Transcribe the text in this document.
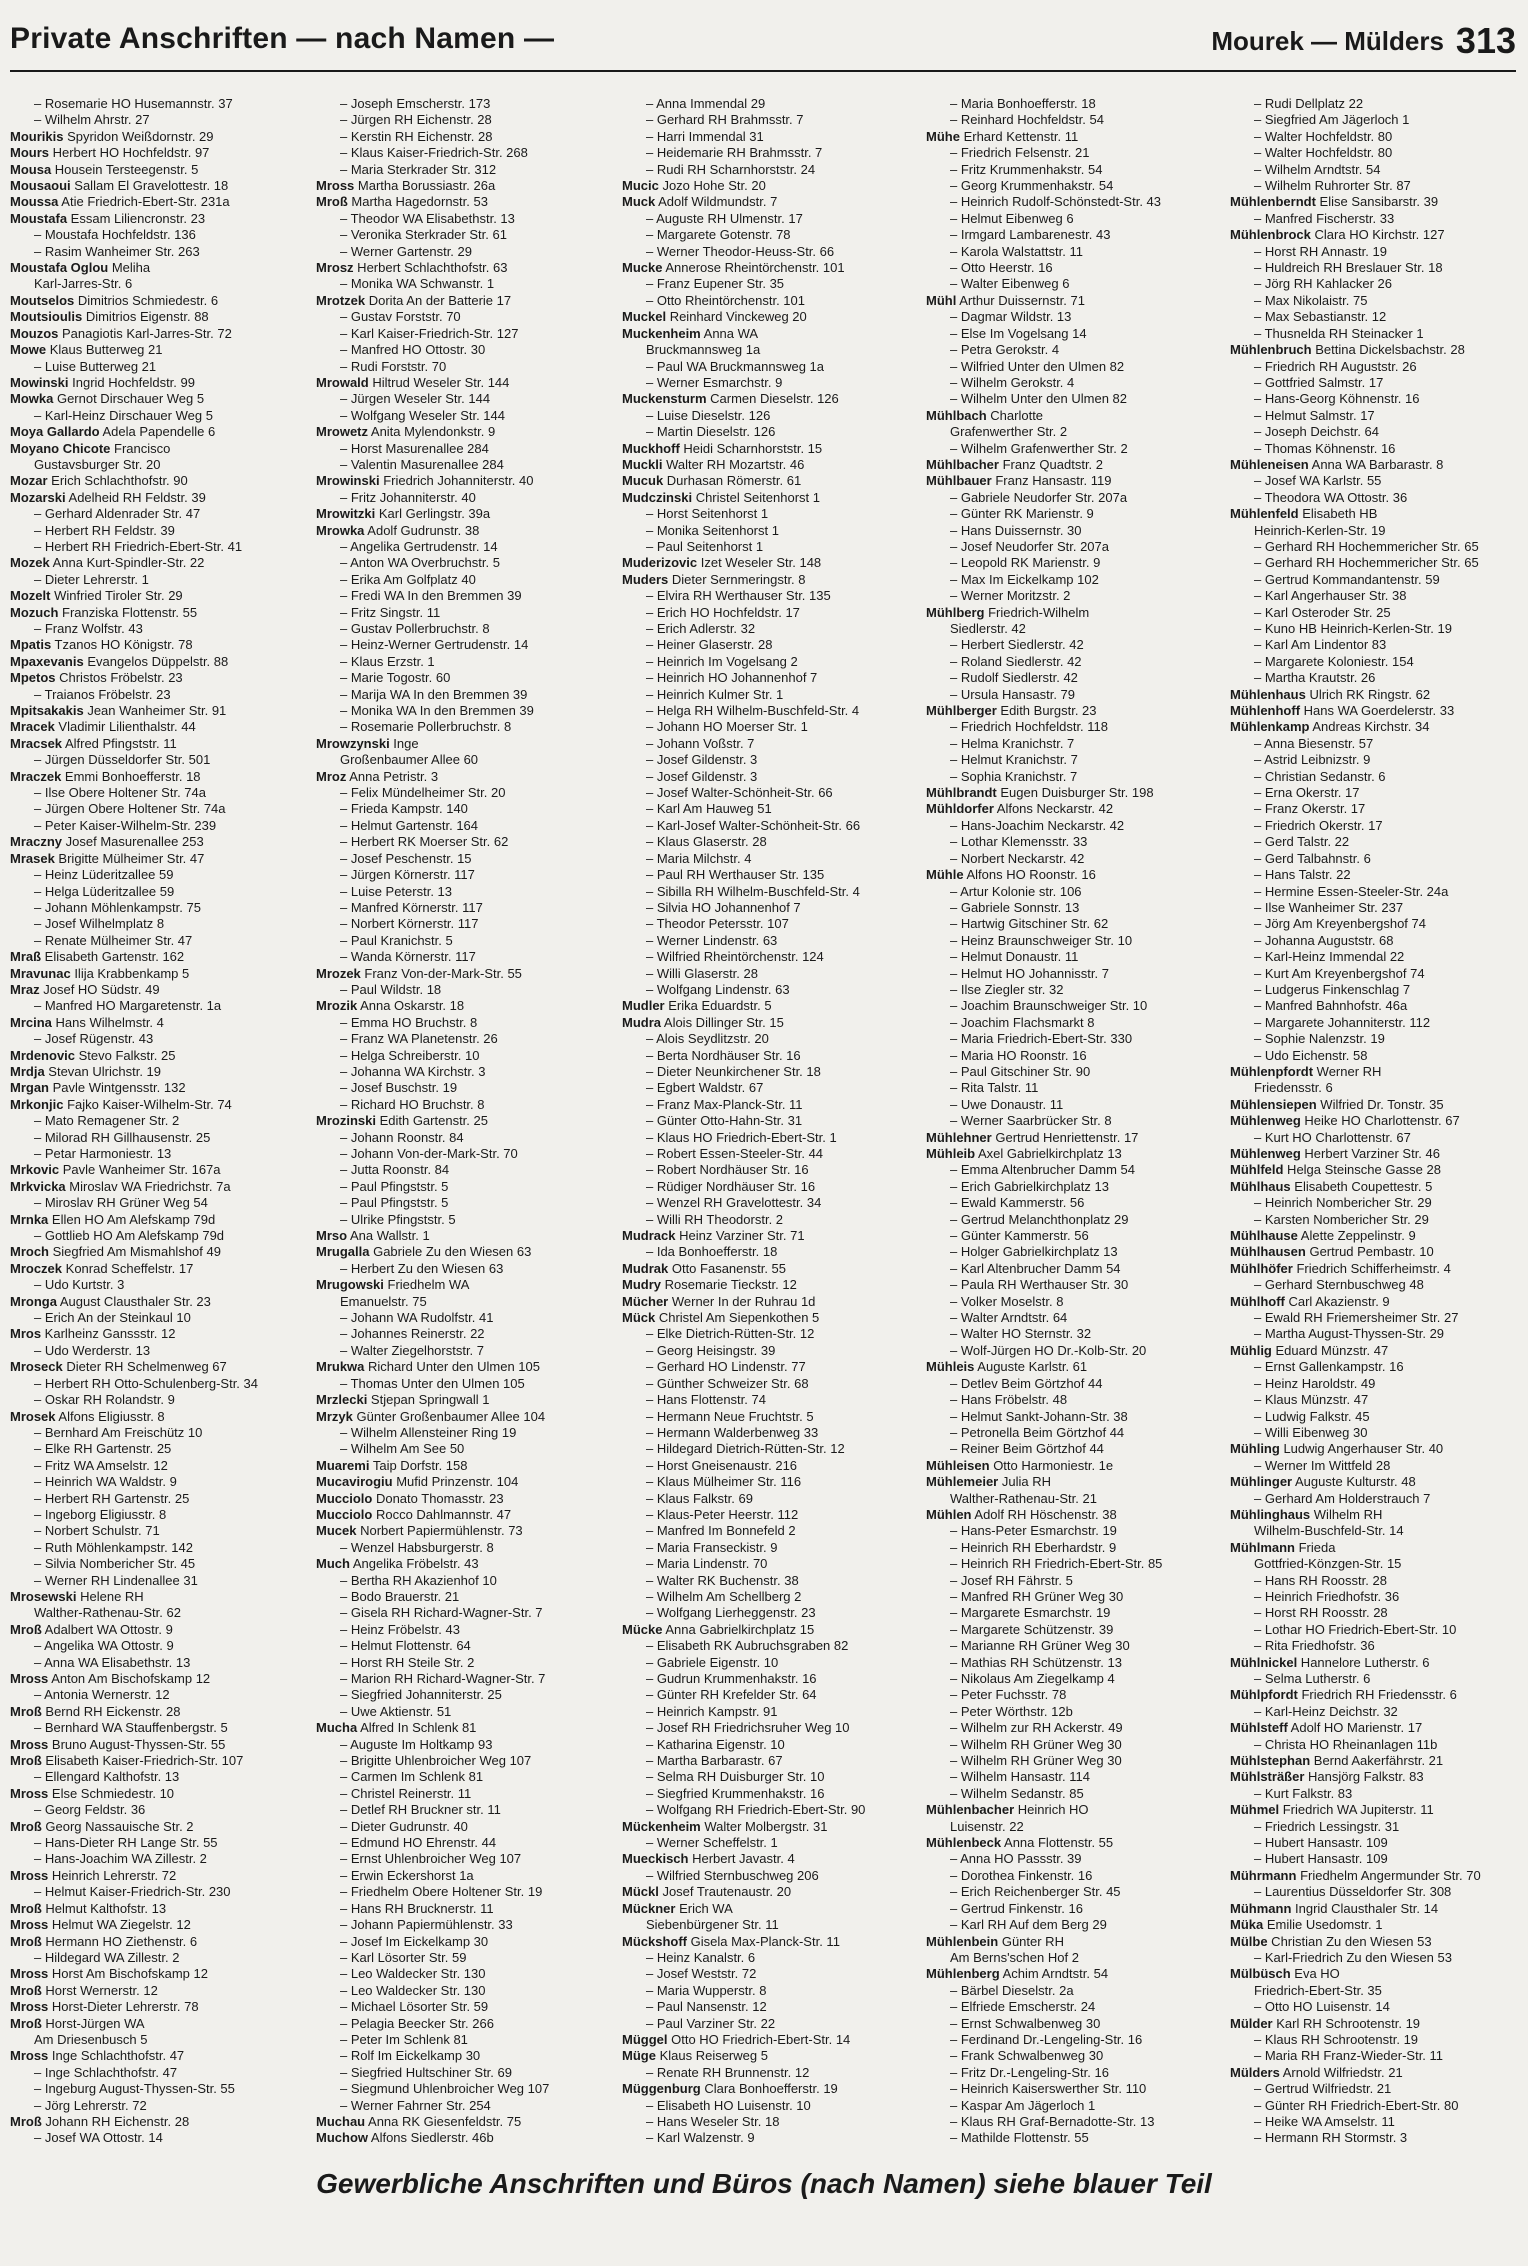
Private Anschriften — nach Namen —	Mourek — Mülders 313
– Rosemarie HO Husemannstr. 37
– Wilhelm Ahrstr. 27
Mourikis Spyridon Weißdornstr. 29
Mours Herbert HO Hochfeldstr. 97
Mousa Housein Tersteegenstr. 5
Mousaoui Sallam El Gravelottestr. 18
Moussa Atie Friedrich-Ebert-Str. 231a
Moustafa Essam Liliencronstr. 23
– Moustafa Hochfeldstr. 136
– Rasim Wanheimer Str. 263
Moustafa Oglou Meliha
Karl-Jarres-Str. 6
Moutselos Dimitrios Schmiedestr. 6
Moutsioulis Dimitrios Eigenstr. 88
Mouzos Panagiotis Karl-Jarres-Str. 72
Mowe Klaus Butterweg 21
– Luise Butterweg 21
Mowinski Ingrid Hochfeldstr. 99
Mowka Gernot Dirschauer Weg 5
– Karl-Heinz Dirschauer Weg 5
Moya Gallardo Adela Papendelle 6
Moyano Chicote Francisco
Gustavsburger Str. 20
Mozar Erich Schlachthofstr. 90
Mozarski Adelheid RH Feldstr. 39
– Gerhard Aldenrader Str. 47
– Herbert RH Feldstr. 39
– Herbert RH Friedrich-Ebert-Str. 41
Mozek Anna Kurt-Spindler-Str. 22
– Dieter Lehrerstr. 1
Mozelt Winfried Tiroler Str. 29
Mozuch Franziska Flottenstr. 55
– Franz Wolfstr. 43
Mpatis Tzanos HO Königstr. 78
Mpaxevanis Evangelos Düppelstr. 88
Mpetos Christos Fröbelstr. 23
– Traianos Fröbelstr. 23
Mpitsakakis Jean Wanheimer Str. 91
Mracek Vladimir Lilienthalstr. 44
Mracsek Alfred Pfingststr. 11
– Jürgen Düsseldorfer Str. 501
Mraczek Emmi Bonhoefferstr. 18
– Ilse Obere Holtener Str. 74a
– Jürgen Obere Holtener Str. 74a
– Peter Kaiser-Wilhelm-Str. 239
Mraczny Josef Masurenallee 253
Mrasek Brigitte Mülheimer Str. 47
– Heinz Lüderitzallee 59
– Helga Lüderitzallee 59
– Johann Möhlenkampstr. 75
– Josef Wilhelmplatz 8
– Renate Mülheimer Str. 47
Mraß Elisabeth Gartenstr. 162
Mravunac Ilija Krabbenkamp 5
Mraz Josef HO Südstr. 49
– Manfred HO Margaretenstr. 1a
Mrcina Hans Wilhelmstr. 4
– Josef Rügenstr. 43
Mrdenovic Stevo Falkstr. 25
Mrdja Stevan Ulrichstr. 19
Mrgan Pavle Wintgensstr. 132
Mrkonjic Fajko Kaiser-Wilhelm-Str. 74
– Mato Remagener Str. 2
– Milorad RH Gillhausenstr. 25
– Petar Harmoniestr. 13
Mrkovic Pavle Wanheimer Str. 167a
Mrkvicka Miroslav WA Friedrichstr. 7a
– Miroslav RH Grüner Weg 54
Mrnka Ellen HO Am Alefskamp 79d
– Gottlieb HO Am Alefskamp 79d
Mroch Siegfried Am Mismahlshof 49
Mroczek Konrad Scheffelstr. 17
– Udo Kurtstr. 3
Mronga August Clausthaler Str. 23
– Erich An der Steinkaul 10
Mros Karlheinz Ganssstr. 12
– Udo Werderstr. 13
Mroseck Dieter RH Schelmenweg 67
– Herbert RH Otto-Schulenberg-Str. 34
– Oskar RH Rolandstr. 9
Mrosek Alfons Eligiusstr. 8
– Bernhard Am Freischütz 10
– Elke RH Gartenstr. 25
– Fritz WA Amselstr. 12
– Heinrich WA Waldstr. 9
– Herbert RH Gartenstr. 25
– Ingeborg Eligiusstr. 8
– Norbert Schulstr. 71
– Ruth Möhlenkampstr. 142
– Silvia Nombericher Str. 45
– Werner RH Lindenallee 31
Mrosewski Helene RH
Walther-Rathenau-Str. 62
Mroß Adalbert WA Ottostr. 9
– Angelika WA Ottostr. 9
– Anna WA Elisabethstr. 13
Mross Anton Am Bischofskamp 12
– Antonia Wernerstr. 12
Mroß Bernd RH Eickenstr. 28
– Bernhard WA Stauffenbergstr. 5
Mross Bruno August-Thyssen-Str. 55
Mroß Elisabeth Kaiser-Friedrich-Str. 107
– Ellengard Kalthofstr. 13
Mross Else Schmiedestr. 10
– Georg Feldstr. 36
Mroß Georg Nassauische Str. 2
– Hans-Dieter RH Lange Str. 55
– Hans-Joachim WA Zillestr. 2
Mross Heinrich Lehrerstr. 72
– Helmut Kaiser-Friedrich-Str. 230
Mroß Helmut Kalthofstr. 13
Mross Helmut WA Ziegelstr. 12
Mroß Hermann HO Ziethenstr. 6
– Hildegard WA Zillestr. 2
Mross Horst Am Bischofskamp 12
Mroß Horst Wernerstr. 12
Mross Horst-Dieter Lehrerstr. 78
Mroß Horst-Jürgen WA
Am Driesenbusch 5
Mross Inge Schlachthofstr. 47
– Inge Schlachthofstr. 47
– Ingeburg August-Thyssen-Str. 55
– Jörg Lehrerstr. 72
Mroß Johann RH Eichenstr. 28
– Josef WA Ottostr. 14
– Joseph Emscherstr. 173
– Jürgen RH Eichenstr. 28
– Kerstin RH Eichenstr. 28
– Klaus Kaiser-Friedrich-Str. 268
– Maria Sterkrader Str. 312
Mross Martha Borussiastr. 26a
Mroß Martha Hagedornstr. 53
– Theodor WA Elisabethstr. 13
– Veronika Sterkrader Str. 61
– Werner Gartenstr. 29
Mrosz Herbert Schlachthofstr. 63
– Monika WA Schwanstr. 1
Mrotzek Dorita An der Batterie 17
– Gustav Forststr. 70
– Karl Kaiser-Friedrich-Str. 127
– Manfred HO Ottostr. 30
– Rudi Forststr. 70
Mrowald Hiltrud Weseler Str. 144
– Jürgen Weseler Str. 144
– Wolfgang Weseler Str. 144
Mrowetz Anita Mylendonkstr. 9
– Horst Masurenallee 284
– Valentin Masurenallee 284
Mrowinski Friedrich Johanniterstr. 40
– Fritz Johanniterstr. 40
Mrowitzki Karl Gerlingstr. 39a
Mrowka Adolf Gudrunstr. 38
– Angelika Gertrudenstr. 14
– Anton WA Overbruchstr. 5
– Erika Am Golfplatz 40
– Fredi WA In den Bremmen 39
– Fritz Singstr. 11
– Gustav Pollerbruchstr. 8
– Heinz-Werner Gertrudenstr. 14
– Klaus Erzstr. 1
– Marie Togostr. 60
– Marija WA In den Bremmen 39
– Monika WA In den Bremmen 39
– Rosemarie Pollerbruchstr. 8
Mrowzynski Inge
Großenbaumer Allee 60
Mroz Anna Petristr. 3
– Felix Mündelheimer Str. 20
– Frieda Kampstr. 140
– Helmut Gartenstr. 164
– Herbert RK Moerser Str. 62
– Josef Peschenstr. 15
– Jürgen Körnerstr. 117
– Luise Peterstr. 13
– Manfred Körnerstr. 117
– Norbert Körnerstr. 117
– Paul Kranichstr. 5
– Wanda Körnerstr. 117
Mrozek Franz Von-der-Mark-Str. 55
– Paul Wildstr. 18
Mrozik Anna Oskarstr. 18
– Emma HO Bruchstr. 8
– Franz WA Planetenstr. 26
– Helga Schreiberstr. 10
– Johanna WA Kirchstr. 3
– Josef Buschstr. 19
– Richard HO Bruchstr. 8
Mrozinski Edith Gartenstr. 25
– Johann Roonstr. 84
– Johann Von-der-Mark-Str. 70
– Jutta Roonstr. 84
– Paul Pfingststr. 5
– Paul Pfingststr. 5
– Ulrike Pfingststr. 5
Mrso Ana Wallstr. 1
Mrugalla Gabriele Zu den Wiesen 63
– Herbert Zu den Wiesen 63
Mrugowski Friedhelm WA
Emanuelstr. 75
– Johann WA Rudolfstr. 41
– Johannes Reinerstr. 22
– Walter Ziegelhorststr. 7
Mrukwa Richard Unter den Ulmen 105
– Thomas Unter den Ulmen 105
Mrzlecki Stjepan Springwall 1
Mrzyk Günter Großenbaumer Allee 104
– Wilhelm Allensteiner Ring 19
– Wilhelm Am See 50
Muaremi Taip Dorfstr. 158
Mucavirogiu Mufid Prinzenstr. 104
Mucciolo Donato Thomasstr. 23
Mucciolo Rocco Dahlmannstr. 47
Mucek Norbert Papiermühlenstr. 73
– Wenzel Habsburgerstr. 8
Much Angelika Fröbelstr. 43
– Bertha RH Akazienhof 10
– Bodo Brauerstr. 21
– Gisela RH Richard-Wagner-Str. 7
– Heinz Fröbelstr. 43
– Helmut Flottenstr. 64
– Horst RH Steile Str. 2
– Marion RH Richard-Wagner-Str. 7
– Siegfried Johanniterstr. 25
– Uwe Aktienstr. 51
Mucha Alfred In Schlenk 81
– Auguste Im Holtkamp 93
– Brigitte Uhlenbroicher Weg 107
– Carmen Im Schlenk 81
– Christel Reinerstr. 11
– Detlef RH Bruckner str. 11
– Dieter Gudrunstr. 40
– Edmund HO Ehrenstr. 44
– Ernst Uhlenbroicher Weg 107
– Erwin Eckershorst 1a
– Friedhelm Obere Holtener Str. 19
– Hans RH Brucknerstr. 11
– Johann Papiermühlenstr. 33
– Josef Im Eickelkamp 30
– Karl Lösorter Str. 59
– Leo Waldecker Str. 130
– Leo Waldecker Str. 130
– Michael Lösorter Str. 59
– Pelagia Beecker Str. 266
– Peter Im Schlenk 81
– Rolf Im Eickelkamp 30
– Siegfried Hultschiner Str. 69
– Siegmund Uhlenbroicher Weg 107
– Werner Fahrner Str. 254
Muchau Anna RK Giesenfeldstr. 75
Muchow Alfons Siedlerstr. 46b
– Anna Immendal 29
– Gerhard RH Brahmsstr. 7
– Harri Immendal 31
– Heidemarie RH Brahmsstr. 7
– Rudi RH Scharnhorststr. 24
Mucic Jozo Hohe Str. 20
Muck Adolf Wildmundstr. 7
– Auguste RH Ulmenstr. 17
– Margarete Gotenstr. 78
– Werner Theodor-Heuss-Str. 66
Mucke Annerose Rheintörchenstr. 101
– Franz Eupener Str. 35
– Otto Rheintörchenstr. 101
Muckel Reinhard Vinckeweg 20
Muckenheim Anna WA
Bruckmannsweg 1a
– Paul WA Bruckmannsweg 1a
– Werner Esmarchstr. 9
Muckensturm Carmen Dieselstr. 126
– Luise Dieselstr. 126
– Martin Dieselstr. 126
Muckhoff Heidi Scharnhorststr. 15
Muckli Walter RH Mozartstr. 46
Mucuk Durhasan Römerstr. 61
Mudczinski Christel Seitenhorst 1
– Horst Seitenhorst 1
– Monika Seitenhorst 1
– Paul Seitenhorst 1
Muderizovic Izet Weseler Str. 148
Muders Dieter Sernmeringstr. 8
– Elvira RH Werthauser Str. 135
– Erich HO Hochfeldstr. 17
– Erich Adlerstr. 32
– Heiner Glaserstr. 28
– Heinrich Im Vogelsang 2
– Heinrich HO Johannenhof 7
– Heinrich Kulmer Str. 1
– Helga RH Wilhelm-Buschfeld-Str. 4
– Johann HO Moerser Str. 1
– Johann Voßstr. 7
– Josef Gildenstr. 3
– Josef Gildenstr. 3
– Josef Walter-Schönheit-Str. 66
– Karl Am Hauweg 51
– Karl-Josef Walter-Schönheit-Str. 66
– Klaus Glaserstr. 28
– Maria Milchstr. 4
– Paul RH Werthauser Str. 135
– Sibilla RH Wilhelm-Buschfeld-Str. 4
– Silvia HO Johannenhof 7
– Theodor Petersstr. 107
– Werner Lindenstr. 63
– Wilfried Rheintörchenstr. 124
– Willi Glaserstr. 28
– Wolfgang Lindenstr. 63
Mudler Erika Eduardstr. 5
Mudra Alois Dillinger Str. 15
– Alois Seydlitzstr. 20
– Berta Nordhäuser Str. 16
– Dieter Neunkirchener Str. 18
– Egbert Waldstr. 67
– Franz Max-Planck-Str. 11
– Günter Otto-Hahn-Str. 31
– Klaus HO Friedrich-Ebert-Str. 1
– Robert Essen-Steeler-Str. 44
– Robert Nordhäuser Str. 16
– Rüdiger Nordhäuser Str. 16
– Wenzel RH Gravelottestr. 34
– Willi RH Theodorstr. 2
Mudrack Heinz Varziner Str. 71
– Ida Bonhoefferstr. 18
Mudrak Otto Fasanenstr. 55
Mudry Rosemarie Tieckstr. 12
Mücher Werner In der Ruhrau 1d
Mück Christel Am Siepenkothen 5
– Elke Dietrich-Rütten-Str. 12
– Georg Heisingstr. 39
– Gerhard HO Lindenstr. 77
– Günther Schweizer Str. 68
– Hans Flottenstr. 74
– Hermann Neue Fruchtstr. 5
– Hermann Walderbenweg 33
– Hildegard Dietrich-Rütten-Str. 12
– Horst Gneisenaustr. 216
– Klaus Mülheimer Str. 116
– Klaus Falkstr. 69
– Klaus-Peter Heerstr. 112
– Manfred Im Bonnefeld 2
– Maria Franseckistr. 9
– Maria Lindenstr. 70
– Walter RK Buchenstr. 38
– Wilhelm Am Schellberg 2
– Wolfgang Lierheggenstr. 23
Mücke Anna Gabrielkirchplatz 15
– Elisabeth RK Aubruchsgraben 82
– Gabriele Eigenstr. 10
– Gudrun Krummenhakstr. 16
– Günter RH Krefelder Str. 64
– Heinrich Kampstr. 91
– Josef RH Friedrichsruher Weg 10
– Katharina Eigenstr. 10
– Martha Barbarastr. 67
– Selma RH Duisburger Str. 10
– Siegfried Krummenhakstr. 16
– Wolfgang RH Friedrich-Ebert-Str. 90
Mückenheim Walter Molbergstr. 31
– Werner Scheffelstr. 1
Mueckisch Herbert Javastr. 4
– Wilfried Sternbuschweg 206
Mückl Josef Trautenaustr. 20
Mückner Erich WA
Siebenbürgener Str. 11
Mückshoff Gisela Max-Planck-Str. 11
– Heinz Kanalstr. 6
– Josef Weststr. 72
– Maria Wupperstr. 8
– Paul Nansenstr. 12
– Paul Varziner Str. 22
Müggel Otto HO Friedrich-Ebert-Str. 14
Müge Klaus Reiserweg 5
– Renate RH Brunnenstr. 12
Müggenburg Clara Bonhoefferstr. 19
– Elisabeth HO Luisenstr. 10
– Hans Weseler Str. 18
– Karl Walzenstr. 9
– Maria Bonhoefferstr. 18
– Reinhard Hochfeldstr. 54
Mühe Erhard Kettenstr. 11
– Friedrich Felsenstr. 21
– Fritz Krummenhakstr. 54
– Georg Krummenhakstr. 54
– Heinrich Rudolf-Schönstedt-Str. 43
– Helmut Eibenweg 6
– Irmgard Lambarenestr. 43
– Karola Walstattstr. 11
– Otto Heerstr. 16
– Walter Eibenweg 6
Mühl Arthur Duissernstr. 71
– Dagmar Wildstr. 13
– Else Im Vogelsang 14
– Petra Gerokstr. 4
– Wilfried Unter den Ulmen 82
– Wilhelm Gerokstr. 4
– Wilhelm Unter den Ulmen 82
Mühlbach Charlotte
Grafenwerther Str. 2
– Wilhelm Grafenwerther Str. 2
Mühlbacher Franz Quadtstr. 2
Mühlbauer Franz Hansastr. 119
– Gabriele Neudorfer Str. 207a
– Günter RK Marienstr. 9
– Hans Duissernstr. 30
– Josef Neudorfer Str. 207a
– Leopold RK Marienstr. 9
– Max Im Eickelkamp 102
– Werner Moritzstr. 2
Mühlberg Friedrich-Wilhelm
Siedlerstr. 42
– Herbert Siedlerstr. 42
– Roland Siedlerstr. 42
– Rudolf Siedlerstr. 42
– Ursula Hansastr. 79
Mühlberger Edith Burgstr. 23
– Friedrich Hochfeldstr. 118
– Helma Kranichstr. 7
– Helmut Kranichstr. 7
– Sophia Kranichstr. 7
Mühlbrandt Eugen Duisburger Str. 198
Mühldorfer Alfons Neckarstr. 42
– Hans-Joachim Neckarstr. 42
– Lothar Klemensstr. 33
– Norbert Neckarstr. 42
Mühle Alfons HO Roonstr. 16
– Artur Kolonie str. 106
– Gabriele Sonnstr. 13
– Hartwig Gitschiner Str. 62
– Heinz Braunschweiger Str. 10
– Helmut Donaustr. 11
– Helmut HO Johannisstr. 7
– Ilse Ziegler str. 32
– Joachim Braunschweiger Str. 10
– Joachim Flachsmarkt 8
– Maria Friedrich-Ebert-Str. 330
– Maria HO Roonstr. 16
– Paul Gitschiner Str. 90
– Rita Talstr. 11
– Uwe Donaustr. 11
– Werner Saarbrücker Str. 8
Mühlehner Gertrud Henriettenstr. 17
Mühleib Axel Gabrielkirchplatz 13
– Emma Altenbrucher Damm 54
– Erich Gabrielkirchplatz 13
– Ewald Kammerstr. 56
– Gertrud Melanchthonplatz 29
– Günter Kammerstr. 56
– Holger Gabrielkirchplatz 13
– Karl Altenbrucher Damm 54
– Paula RH Werthauser Str. 30
– Volker Moselstr. 8
– Walter Arndtstr. 64
– Walter HO Sternstr. 32
– Wolf-Jürgen HO Dr.-Kolb-Str. 20
Mühleis Auguste Karlstr. 61
– Detlev Beim Görtzhof 44
– Hans Fröbelstr. 48
– Helmut Sankt-Johann-Str. 38
– Petronella Beim Görtzhof 44
– Reiner Beim Görtzhof 44
Mühleisen Otto Harmoniestr. 1e
Mühlemeier Julia RH
Walther-Rathenau-Str. 21
Mühlen Adolf RH Höschenstr. 38
– Hans-Peter Esmarchstr. 19
– Heinrich RH Eberhardstr. 9
– Heinrich RH Friedrich-Ebert-Str. 85
– Josef RH Fährstr. 5
– Manfred RH Grüner Weg 30
– Margarete Esmarchstr. 19
– Margarete Schützenstr. 39
– Marianne RH Grüner Weg 30
– Mathias RH Schützenstr. 13
– Nikolaus Am Ziegelkamp 4
– Peter Fuchsstr. 78
– Peter Wörthstr. 12b
– Wilhelm zur RH Ackerstr. 49
– Wilhelm RH Grüner Weg 30
– Wilhelm RH Grüner Weg 30
– Wilhelm Hansastr. 114
– Wilhelm Sedanstr. 85
Mühlenbacher Heinrich HO
Luisenstr. 22
Mühlenbeck Anna Flottenstr. 55
– Anna HO Passstr. 39
– Dorothea Finkenstr. 16
– Erich Reichenberger Str. 45
– Gertrud Finkenstr. 16
– Karl RH Auf dem Berg 29
Mühlenbein Günter RH
Am Berns'schen Hof 2
Mühlenberg Achim Arndtstr. 54
– Bärbel Dieselstr. 2a
– Elfriede Emscherstr. 24
– Ernst Schwalbenweg 30
– Ferdinand Dr.-Lengeling-Str. 16
– Frank Schwalbenweg 30
– Fritz Dr.-Lengeling-Str. 16
– Heinrich Kaiserswerther Str. 110
– Kaspar Am Jägerloch 1
– Klaus RH Graf-Bernadotte-Str. 13
– Mathilde Flottenstr. 55
– Rudi Dellplatz 22
– Siegfried Am Jägerloch 1
– Walter Hochfeldstr. 80
– Walter Hochfeldstr. 80
– Wilhelm Arndtstr. 54
– Wilhelm Ruhrorter Str. 87
Mühlenberndt Elise Sansibarstr. 39
– Manfred Fischerstr. 33
Mühlenbrock Clara HO Kirchstr. 127
– Horst RH Annastr. 19
– Huldreich RH Breslauer Str. 18
– Jörg RH Kahlacker 26
– Max Nikolaistr. 75
– Max Sebastianstr. 12
– Thusnelda RH Steinacker 1
Mühlenbruch Bettina Dickelsbachstr. 28
– Friedrich RH Auguststr. 26
– Gottfried Salmstr. 17
– Hans-Georg Köhnenstr. 16
– Helmut Salmstr. 17
– Joseph Deichstr. 64
– Thomas Köhnenstr. 16
Mühleneisen Anna WA Barbarastr. 8
– Josef WA Karlstr. 55
– Theodora WA Ottostr. 36
Mühlenfeld Elisabeth HB
Heinrich-Kerlen-Str. 19
– Gerhard RH Hochemmericher Str. 65
– Gerhard RH Hochemmericher Str. 65
– Gertrud Kommandantenstr. 59
– Karl Angerhauser Str. 38
– Karl Osteroder Str. 25
– Kuno HB Heinrich-Kerlen-Str. 19
– Karl Am Lindentor 83
– Margarete Koloniestr. 154
– Martha Krautstr. 26
Mühlenhaus Ulrich RK Ringstr. 62
Mühlenhoff Hans WA Goerdelerstr. 33
Mühlenkamp Andreas Kirchstr. 34
– Anna Biesenstr. 57
– Astrid Leibnizstr. 9
– Christian Sedanstr. 6
– Erna Okerstr. 17
– Franz Okerstr. 17
– Friedrich Okerstr. 17
– Gerd Talstr. 22
– Gerd Talbahnstr. 6
– Hans Talstr. 22
– Hermine Essen-Steeler-Str. 24a
– Ilse Wanheimer Str. 237
– Jörg Am Kreyenbergshof 74
– Johanna Auguststr. 68
– Karl-Heinz Immendal 22
– Kurt Am Kreyenbergshof 74
– Ludgerus Finkenschlag 7
– Manfred Bahnhofstr. 46a
– Margarete Johanniterstr. 112
– Sophie Nalenzstr. 19
– Udo Eichenstr. 58
Mühlenpfordt Werner RH
Friedensstr. 6
Mühlensiepen Wilfried Dr. Tonstr. 35
Mühlenweg Heike HO Charlottenstr. 67
– Kurt HO Charlottenstr. 67
Mühlenweg Herbert Varziner Str. 46
Mühlfeld Helga Steinsche Gasse 28
Mühlhaus Elisabeth Coupettestr. 5
– Heinrich Nombericher Str. 29
– Karsten Nombericher Str. 29
Mühlhause Alette Zeppelinstr. 9
Mühlhausen Gertrud Pembastr. 10
Mühlhöfer Friedrich Schifferheimstr. 4
– Gerhard Sternbuschweg 48
Mühlhoff Carl Akazienstr. 9
– Ewald RH Friemersheimer Str. 27
– Martha August-Thyssen-Str. 29
Mühlig Eduard Münzstr. 47
– Ernst Gallenkampstr. 16
– Heinz Haroldstr. 49
– Klaus Münzstr. 47
– Ludwig Falkstr. 45
– Willi Eibenweg 30
Mühling Ludwig Angerhauser Str. 40
– Werner Im Wittfeld 28
Mühlinger Auguste Kulturstr. 48
– Gerhard Am Holderstrauch 7
Mühlinghaus Wilhelm RH
Wilhelm-Buschfeld-Str. 14
Mühlmann Frieda
Gottfried-Könzgen-Str. 15
– Hans RH Roosstr. 28
– Heinrich Friedhofstr. 36
– Horst RH Roosstr. 28
– Lothar HO Friedrich-Ebert-Str. 10
– Rita Friedhofstr. 36
Mühlnickel Hannelore Lutherstr. 6
– Selma Lutherstr. 6
Mühlpfordt Friedrich RH Friedensstr. 6
– Karl-Heinz Deichstr. 32
Mühlsteff Adolf HO Marienstr. 17
– Christa HO Rheinanlagen 11b
Mühlstephan Bernd Aakerfährstr. 21
Mühlsträßer Hansjörg Falkstr. 83
– Kurt Falkstr. 83
Mühmel Friedrich WA Jupiterstr. 11
– Friedrich Lessingstr. 31
– Hubert Hansastr. 109
– Hubert Hansastr. 109
Mührmann Friedhelm Angermunder Str. 70
– Laurentius Düsseldorfer Str. 308
Mühmann Ingrid Clausthaler Str. 14
Müka Emilie Usedomstr. 1
Mülbe Christian Zu den Wiesen 53
– Karl-Friedrich Zu den Wiesen 53
Mülbüsch Eva HO
Friedrich-Ebert-Str. 35
– Otto HO Luisenstr. 14
Mülder Karl RH Schrootenstr. 19
– Klaus RH Schrootenstr. 19
– Maria RH Franz-Wieder-Str. 11
Mülders Arnold Wilfriedstr. 21
– Gertrud Wilfriedstr. 21
– Günter RH Friedrich-Ebert-Str. 80
– Heike WA Amselstr. 11
– Hermann RH Stormstr. 3
Gewerbliche Anschriften und Büros (nach Namen) siehe blauer Teil
